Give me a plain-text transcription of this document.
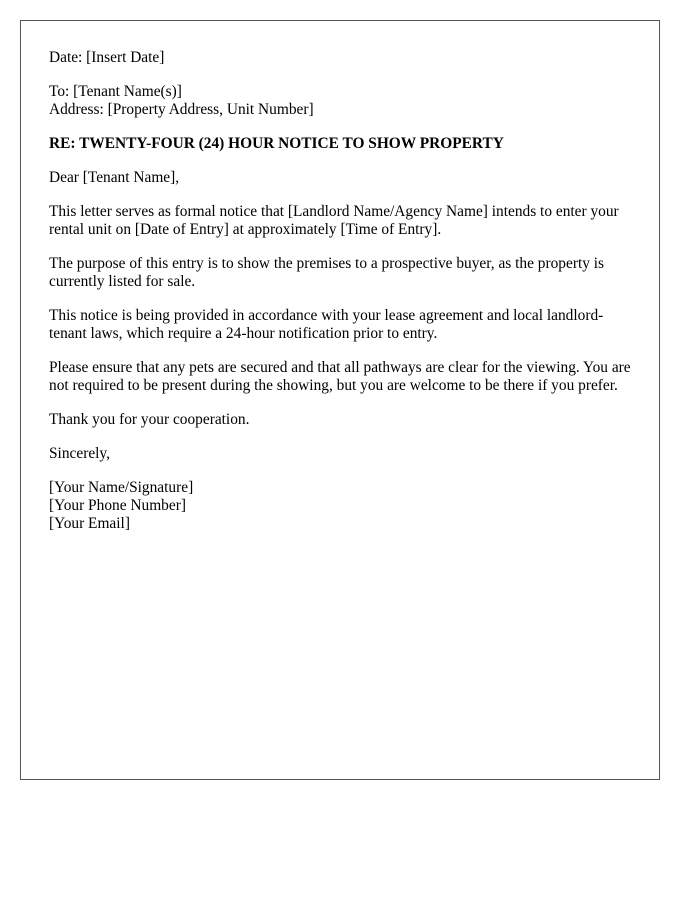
Date: [Insert Date]
To: [Tenant Name(s)]
Address: [Property Address, Unit Number]
RE: TWENTY-FOUR (24) HOUR NOTICE TO SHOW PROPERTY
Dear [Tenant Name],

This letter serves as formal notice that [Landlord Name/Agency Name] intends to enter your rental unit on [Date of Entry] at approximately [Time of Entry].

The purpose of this entry is to show the premises to a prospective buyer, as the property is currently listed for sale.

This notice is being provided in accordance with your lease agreement and local landlord-tenant laws, which require a 24-hour notification prior to entry.

Please ensure that any pets are secured and that all pathways are clear for the viewing. You are not required to be present during the showing, but you are welcome to be there if you prefer.

Thank you for your cooperation.

Sincerely,
[Your Name/Signature]
[Your Phone Number]
[Your Email]
